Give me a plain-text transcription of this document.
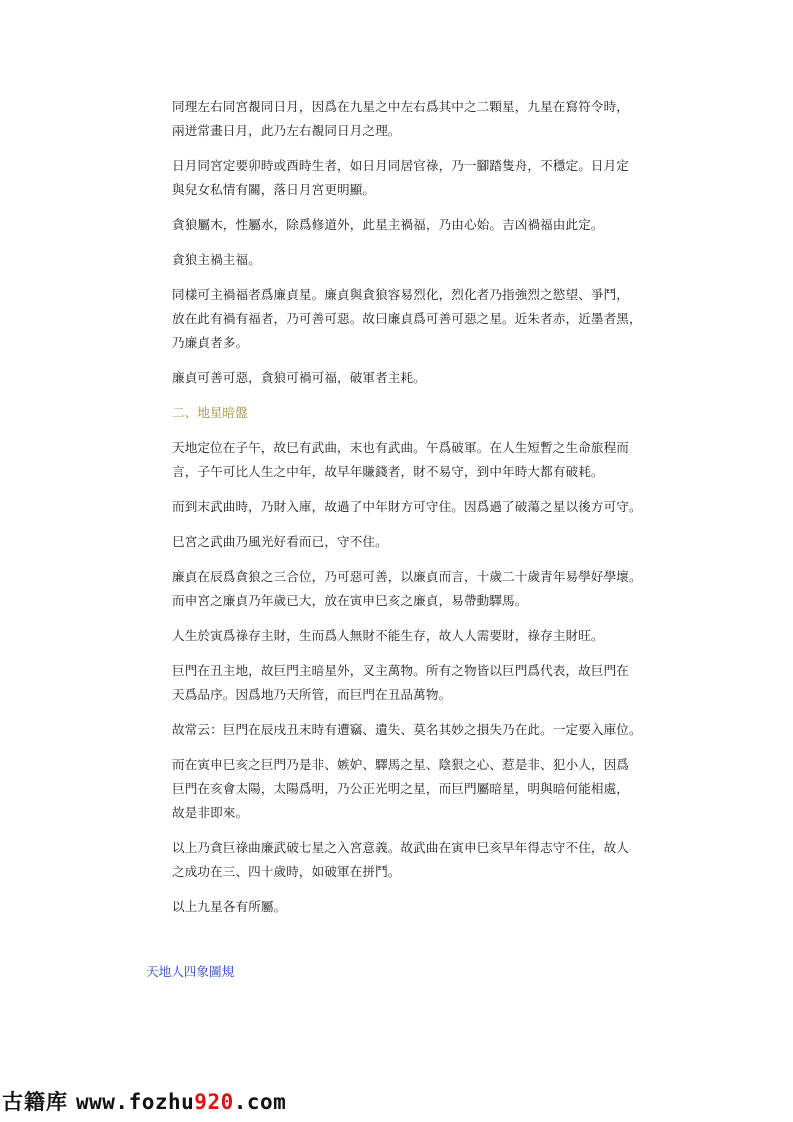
同理左右同宮覩同日月，因爲在九星之中左右爲其中之二顆星，九星在寫符令時，
兩迸常畫日月，此乃左右覩同日月之理。
日月同宮定要卯時或酉時生者，如日月同居官祿，乃一腳踏隻舟，不穩定。日月定
與兒女私情有關，落日月宮更明顯。
貪狼屬木，性屬水，除爲修道外，此星主禍福，乃由心始。吉凶禍福由此定。
貪狼主禍主福。
同樣可主禍福者爲廉貞星。廉貞與貪狼容易烈化，烈化者乃指強烈之慾望、爭鬥，
放在此有禍有福者，乃可善可惡。故曰廉貞爲可善可惡之星。近朱者赤，近墨者黑，
乃廉貞者多。
廉貞可善可惡，貪狼可禍可福，破軍者主耗。
二、地星暗盤
天地定位在子午，故巳有武曲，末也有武曲。午爲破軍。在人生短暫之生命旅程而
言，子午可比人生之中年，故早年賺錢者，財不易守，到中年時大都有破耗。
而到末武曲時，乃財入庫，故過了中年財方可守住。因爲過了破蕩之星以後方可守。
巳宮之武曲乃風光好看而已，守不住。
廉貞在辰爲貪狼之三合位，乃可惡可善，以廉貞而言，十歲二十歲青年易學好學壞。
而申宮之廉貞乃年歲已大，放在寅申巳亥之廉貞，易帶動驛馬。
人生於寅爲祿存主財，生而爲人無財不能生存，故人人需要財，祿存主財旺。
巨門在丑主地，故巨門主暗星外，叉主萬物。所有之物皆以巨門爲代表，故巨門在
天爲品序。因爲地乃天所管，而巨門在丑品萬物。
故常云：巨門在辰戌丑末時有遭竊、遺失、莫名其妙之損失乃在此。一定要入庫位。
而在寅申巳亥之巨門乃是非、嫉妒、驛馬之星、陰狠之心、惹是非、犯小人，因爲
巨門在亥會太陽，太陽爲明，乃公正光明之星，而巨門屬暗星，明與暗何能相處，
故是非即來。
以上乃貪巨祿曲廉武破七星之入宮意義。故武曲在寅申巳亥早年得志守不住，故人
之成功在三、四十歲時，如破軍在拼鬥。
以上九星各有所屬。
天地人四象圖規
古籍库 www.fozhu920.com
